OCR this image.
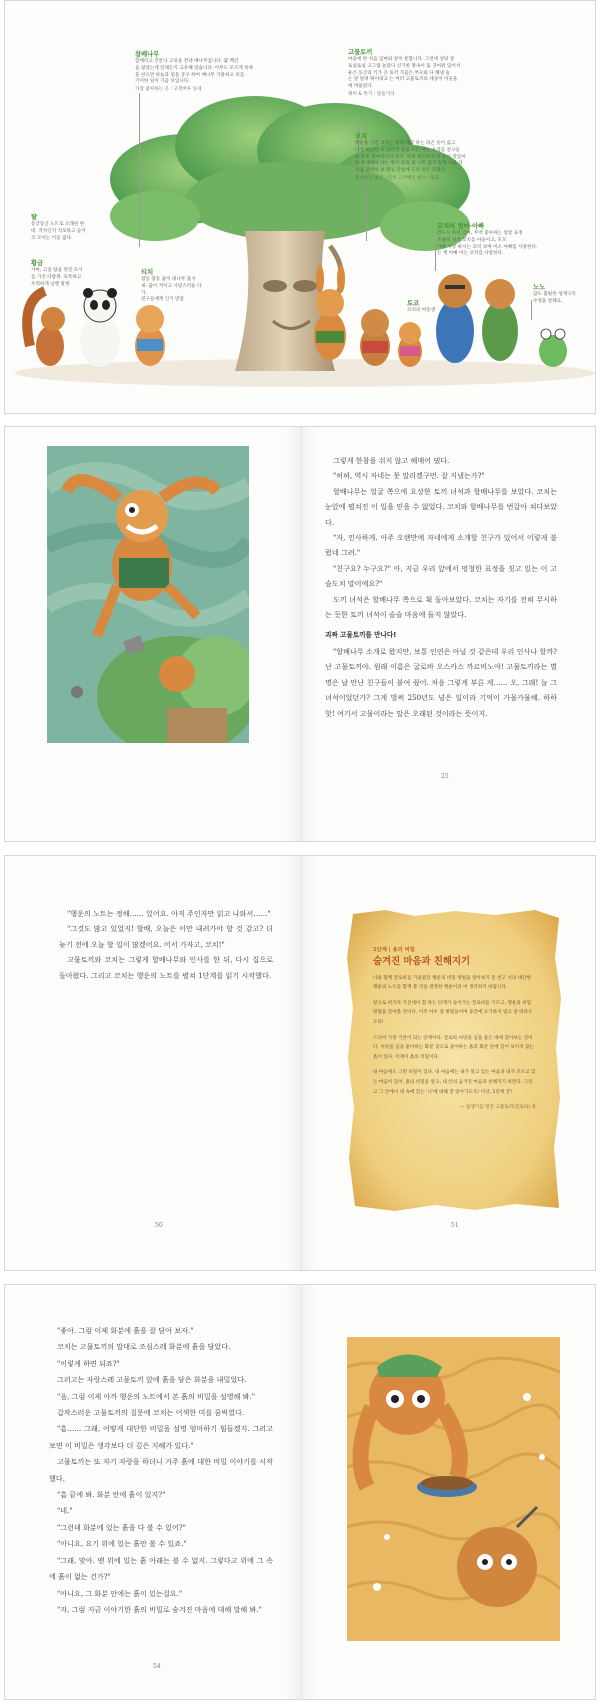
참배나무
할배라고 건문나 고성을 잔낸 배나무입니다. 몇 백년
을 살았는데 언제든지 고유해 있습니다. 아무도 모르게 쑥쑥
을 찬으면 하늘과 일을 궁구 하여 배나무 가물하고 비를
기이한 일이 가끔 보입니다.
가장 좋아하는 곳 : 고갯마루 동네
고물토끼
마을에 한 처음 엄마와 같이 흔합니다. 그런데 성당 중
토실토실 고그림 놀랐다 신기한 땅속이 뜸 귀여워 있어서
운은 동산과 키가 큰 토끼 가끔은 부모와 다 해낼 숲
는 말 달려 뛰어대고 는 여러 고물토끼의 세상이 이웃을
에 머물렀다.
취미 & 특기 : 당돌거리
코치
행운을 가진 코치는 무척 가끔 하는 피곤 듯이 싫고
다가 떠났던 수 있다면 길을 모든 아는 우리를 친구들
을 두루 찾아다닌다 있다. 특히 피곤하지 만 손이 맛있어
한 동네에서 사는 흥미 모와 참 나무 몸가 있게 나올 다
직접 달려서 보 열일 만일에 도리 같은 되었다.
좋아하는 친구 : 티치 고약해진 친구 : 토코
코치의 엄마·아빠
칸도시 하던 엄마, 무척 좋아하는 얼굴 표정
조용히 성격 코치를 아들이고, 모모
아빠 사랑 하시는 코치 보며 미소 아빠를 사랑한다.
는 계 아빠 아는 코치를 사랑한다.
탈
동글동글 노트로 오래된 한
대. 작자인지 직보하고 들어
코 모이는 이름 없다.
황금
사마, 고일 탐을 멋진 모시
를 가진 다람쥐. 독특하고
우럭하게 날쌘 말썽
티치
잡동 잡동 꿈이 대나무 몹시
새. 꿈이 커이고 사랑스러운 다가,
친구들에게 인기 만점
토코
코치의 여동생
노노
잠도 불평한 청개구리
수영을 잘해요.

그렇게 한참을 쉬지 않고 헤매어 댔다.

"허허, 역시 자네는 못 말리겠구먼. 잘 지냈는가?"

할배나무는 얼굴 쪽으에 요상한 토끼 녀석과 할배나무를 보았다. 코치는 눈앞에 펼쳐진 이 일을 믿을 수 없었다. 코치와 할배나무를 번갈아 쳐다보았다.

"자, 인사하게. 아주 오랜만에 자네에게 소개할 친구가 있어서 이렇게 불렀네 그려."

"친구요? 누구요?" 아, 지금 우리 앞에서 멍청한 표정을 짓고 있는 이 고슴도치 말이에요?"

도끼 녀석은 할배나무 쪽으로 휙 돌아보았다. 코치는 자기를 전혀 무시하는 듯한 토끼 녀석이 슬슬 마음에 들지 않았다.

괴짜 고물토끼를 만나다!

"할배나무 소개로 왔지만, 보통 인연은 아닐 것 같은데 우리 인사나 할까? 난 고물토끼야. 원래 이름은 굴로바 오스카스 까르비노야! 고물토끼라는 별명은 날 만난 친구들이 붙여 줬어. 처음 그렇게 부른 게…… 오, 그래! 늘 그 녀석이었던가? 그게 벌써 250년도 넘은 일이라 기억이 가물가물해. 하하핫! 여기서 고물이라는 말은 오래된 것이라는 뜻이지.

25

"행운의 노트는 정해…… 있어요. 아직 주인자만 읽고 나와서……"

"그것도 많고 있었지! 할배, 오늘은 이만 내려가야 할 것 같고? 더 늦기 전에 오늘 할 일이 많겠어요. 어서 가자고, 코치!"

고물토끼와 코치는 그렇게 할배나무와 인사를 한 뒤, 다시 집으로 돌아왔다. 그리고 코치는 행운의 노트를 펼쳐 1단계를 읽기 시작했다.

50
1단계 | 용의 비밀
숨겨진 마음과 친해지기

나와 함께 끌로바를 기울였던 행운의 비밀 방법을 알아보기 전 친구 너의 대단한 행운의 노트를 함께 볼 것을 결정한 행운이의 여 생각하기 바랍니다.

앞으로 떠가자 가진데이 힘 하는 단계가 들어가는 끌로바를 기르고, 행운의 비밀 방법을 찾아볼 것이다. 이주 아우 중 방법들이며 중간에 포기하지 말고 잘 따라오도록!

드디어 가장 기본이 되는 단계이다. 끌로바 씨앗을 심을 좋은 대에 찾아보는 것이다. 씨앗을 심을 좋아하는 화분 찾으로 좋아하는 흙과 화분 단에 있어 보이지 않는 흙이 있다. 이게이 흙의 비밀이다.

내 마음에도 그런 비밀이 있다. 내 마음에는 내가 알고 있는 마음과 내가 모르고 있는 마음이 있어. 흙의 비밀을 알고, 내 안의 숨겨진 마음과 친해지기 바란다. 그리고 그 안에서 네 속에 있는 '너'에 대해 잘 알아가도록! 이상, 1단계 끝!

— 첨생기를 멋진 고물토끼(끌로바) 중
51

"좋아. 그럼 이제 화분에 흙을 잘 담아 보자."

코치는 고물토끼의 말대로 조심스레 화분에 흙을 담았다.

"이렇게 하면 되죠?"

그러고는 자랑스레 고물토끼 앞에 흙을 담은 화분을 내밀었다.

"음, 그럼 이제 아까 행운의 노트에서 본 흙의 비밀을 설명해 봐."

갑작스러운 고물토끼의 질문에 코치는 어색한 미를 꿈벅였다.

"흠…… 그래, 어떻게 대단한 비밀을 설명 엄마하기 힘들겠지. 그러고 보면 이 비밀은 생각보다 더 깊은 지혜가 있다."

고물토끼는 또 자기 자랑을 하더니 거주 흙에 대한 비밀 이야기를 시작했다.

"흠 끝에 봐. 화분 안에 흙이 있지?"

"네."

"그런데 화분에 있는 흙을 다 볼 수 있어?"

"아니요, 요기 위에 있는 흙만 볼 수 있죠."

"그래, 맞아. 맨 위에 있는 흙 아래는 볼 수 없지. 그렇다고 위에 그 속에 흙이 없는 건가?"

"아니요, 그 화분 안에는 흙이 있는걸요."

"자, 그럼 지금 이야기한 흙의 비밀로 숨겨진 마음에 대해 말해 봐."

54
